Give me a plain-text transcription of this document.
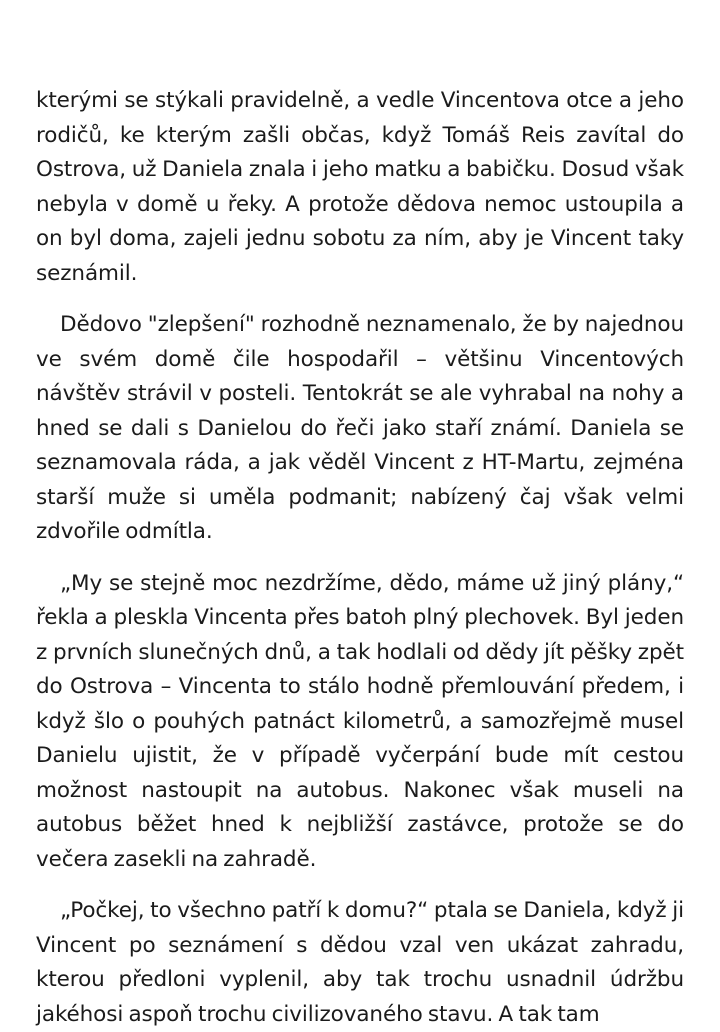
kterými se stýkali pravidelně, a vedle Vincentova otce a jeho rodičů, ke kterým zašli občas, když Tomáš Reis zavítal do Ostrova, už Daniela znala i jeho matku a babičku. Dosud však nebyla v domě u řeky. A protože dědova nemoc ustoupila a on byl doma, zajeli jednu sobotu za ním, aby je Vincent taky seznámil.

Dědovo "zlepšení" rozhodně neznamenalo, že by najednou ve svém domě čile hospodařil – většinu Vincentových návštěv strávil v posteli. Tentokrát se ale vyhrabal na nohy a hned se dali s Danielou do řeči jako staří známí. Daniela se seznamovala ráda, a jak věděl Vincent z HT-Martu, zejména starší muže si uměla podmanit; nabízený čaj však velmi zdvořile odmítla.

„My se stejně moc nezdržíme, dědo, máme už jiný plány,“ řekla a pleskla Vincenta přes batoh plný plechovek. Byl jeden z prvních slunečných dnů, a tak hodlali od dědy jít pěšky zpět do Ostrova – Vincenta to stálo hodně přemlouvání předem, i když šlo o pouhých patnáct kilometrů, a samozřejmě musel Danielu ujistit, že v případě vyčerpání bude mít cestou možnost nastoupit na autobus. Nakonec však museli na autobus běžet hned k nejbližší zastávce, protože se do večera zasekli na zahradě.

„Počkej, to všechno patří k domu?“ ptala se Daniela, když ji Vincent po seznámení s dědou vzal ven ukázat zahradu, kterou předloni vyplenil, aby tak trochu usnadnil údržbu jakéhosi aspoň trochu civilizovaného stavu. A tak tam
